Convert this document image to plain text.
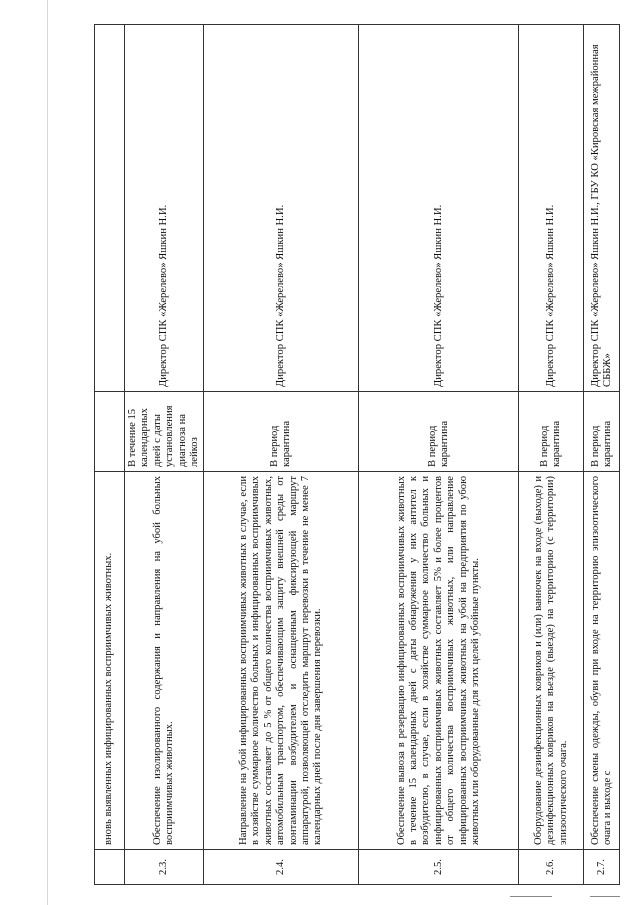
	вновь выявленных инфицированных восприимчивых животных.		
2.3.	Обеспечение изолированного содержания и направления на убой больных восприимчивых животных.	В течение 15 календарных дней с даты установления диагноза на лейкоз	Директор СПК «Жерелево» Яшкин Н.И.
2.4.	Направление на убой инфицированных восприимчивых животных в случае, если в хозяйстве суммарное количество больных и инфицированных восприимчивых животных составляет до 5 % от общего количества восприимчивых животных, автомобильным транспортом, обеспечивающим защиту внешней среды от контаминации возбудителем и оснащенным фиксирующей маршрут аппаратурой, позволяющей отследить маршрут перевозки в течение не менее 7 календарных дней после дня завершения перевозки.	В период карантина	Директор СПК «Жерелево» Яшкин Н.И.
2.5.	Обеспечение вывоза в резервацию инфицированных восприимчивых животных в течение 15 календарных дней с даты обнаружения у них антител к возбудителю, в случае, если в хозяйстве суммарное количество больных и инфицированных восприимчивых животных составляет 5% и более процентов от общего количества восприимчивых животных, или направление инфицированных восприимчивых животных на убой на предприятия по убою животных или оборудованные для этих целей убойные пункты.	В период карантина	Директор СПК «Жерелево» Яшкин Н.И.
2.6.	Оборудование дезинфекционных ковриков и (или) ванночек на входе (выходе) и дезинфекционных ковриков на въезде (выезде) на территорию (с территории) эпизоотического очага.	В период карантина	Директор СПК «Жерелево» Яшкин Н.И.
2.7.	Обеспечение смены одежды, обуви при входе на территорию эпизоотического очага и выходе с	В период карантина	Директор СПК «Жерелево» Яшкин Н.И., ГБУ КО «Кировская межрайонная СББЖ»
